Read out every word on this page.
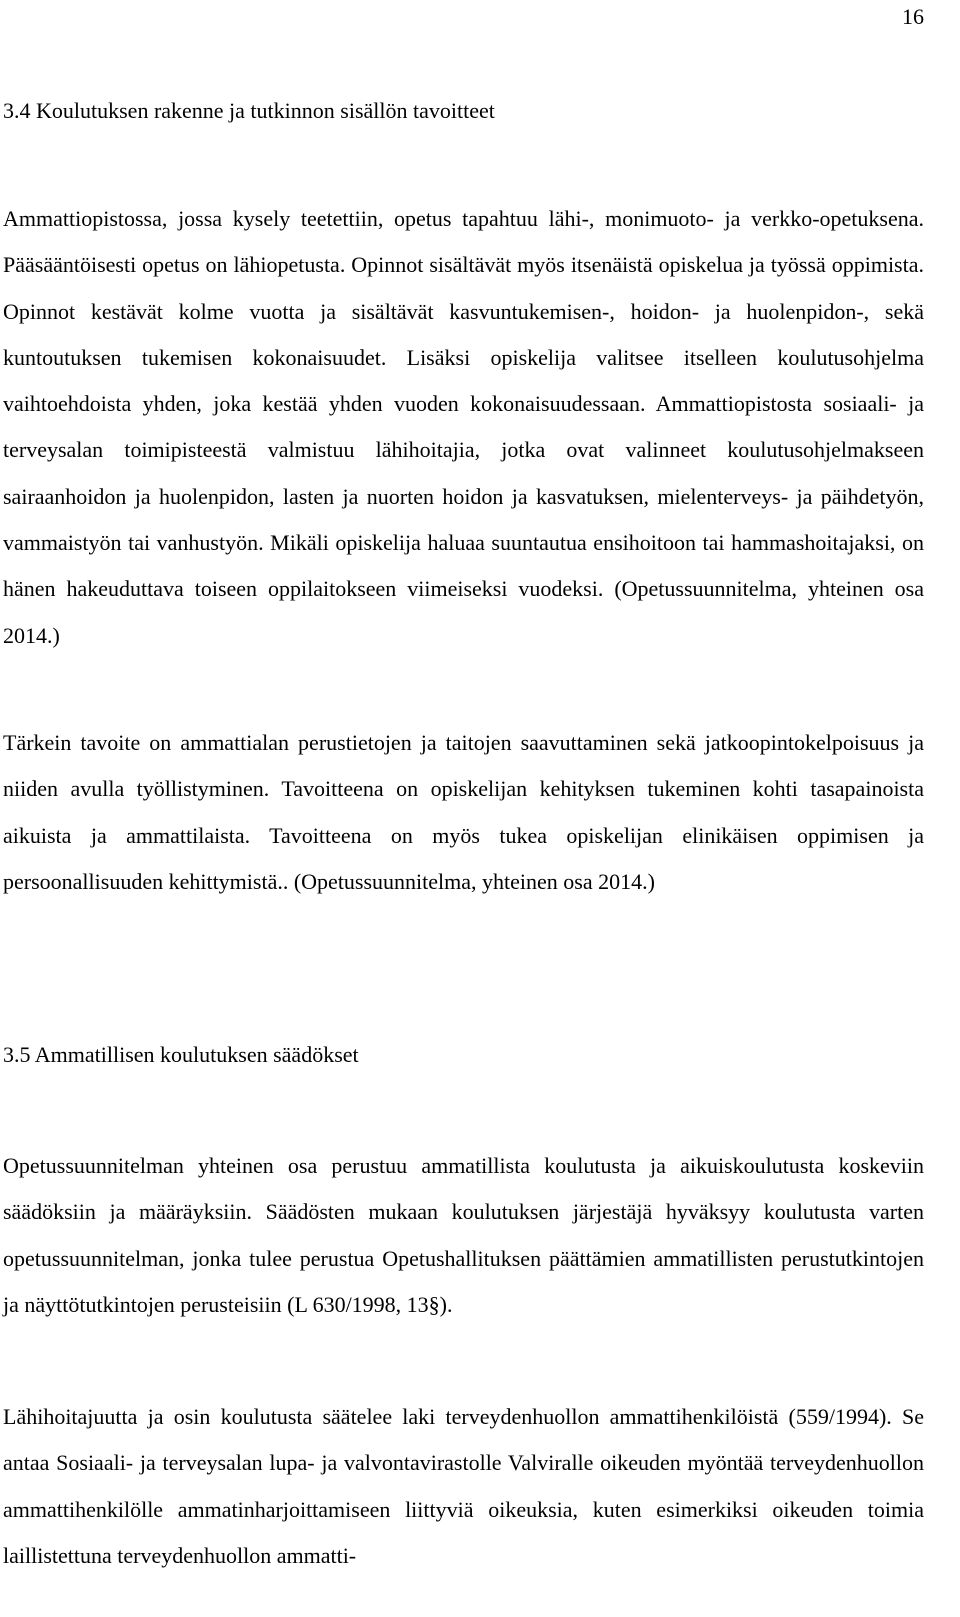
16
3.4 Koulutuksen rakenne ja tutkinnon sisällön tavoitteet

Ammattiopistossa, jossa kysely teetettiin, opetus tapahtuu lähi-, monimuoto- ja verkko-opetuksena. Pääsääntöisesti opetus on lähiopetusta. Opinnot sisältävät myös itsenäistä opiskelua ja työssä oppimista. Opinnot kestävät kolme vuotta ja sisältävät kasvuntukemisen-, hoidon- ja huolenpidon-, sekä kuntoutuksen tukemisen kokonaisuudet. Lisäksi opiskelija valitsee itselleen koulutusohjelma vaihtoehdoista yhden, joka kestää yhden vuoden kokonaisuudessaan. Ammattiopistosta sosiaali- ja terveysalan toimipisteestä valmistuu lähihoitajia, jotka ovat valinneet koulutusohjelmakseen sairaanhoidon ja huolenpidon, lasten ja nuorten hoidon ja kasvatuksen, mielenterveys- ja päihdetyön, vammaistyön tai vanhustyön. Mikäli opiskelija haluaa suuntautua ensihoitoon tai hammashoitajaksi, on hänen hakeuduttava toiseen oppilaitokseen viimeiseksi vuodeksi. (Opetussuunnitelma, yhteinen osa 2014.)

Tärkein tavoite on ammattialan perustietojen ja taitojen saavuttaminen sekä jatkoopintokelpoisuus ja niiden avulla työllistyminen. Tavoitteena on opiskelijan kehityksen tukeminen kohti tasapainoista aikuista ja ammattilaista. Tavoitteena on myös tukea opiskelijan elinikäisen oppimisen ja persoonallisuuden kehittymistä.. (Opetussuunnitelma, yhteinen osa 2014.)

3.5 Ammatillisen koulutuksen säädökset

Opetussuunnitelman yhteinen osa perustuu ammatillista koulutusta ja aikuiskoulutusta koskeviin säädöksiin ja määräyksiin. Säädösten mukaan koulutuksen järjestäjä hyväksyy koulutusta varten opetussuunnitelman, jonka tulee perustua Opetushallituksen päättämien ammatillisten perustutkintojen ja näyttötutkintojen perusteisiin (L 630/1998, 13§).

Lähihoitajuutta ja osin koulutusta säätelee laki terveydenhuollon ammattihenkilöistä (559/1994). Se antaa Sosiaali- ja terveysalan lupa- ja valvontavirastolle Valviralle oikeuden myöntää terveydenhuollon ammattihenkilölle ammatinharjoittamiseen liittyviä oikeuksia, kuten esimerkiksi oikeuden toimia laillistettuna terveydenhuollon ammatti-
